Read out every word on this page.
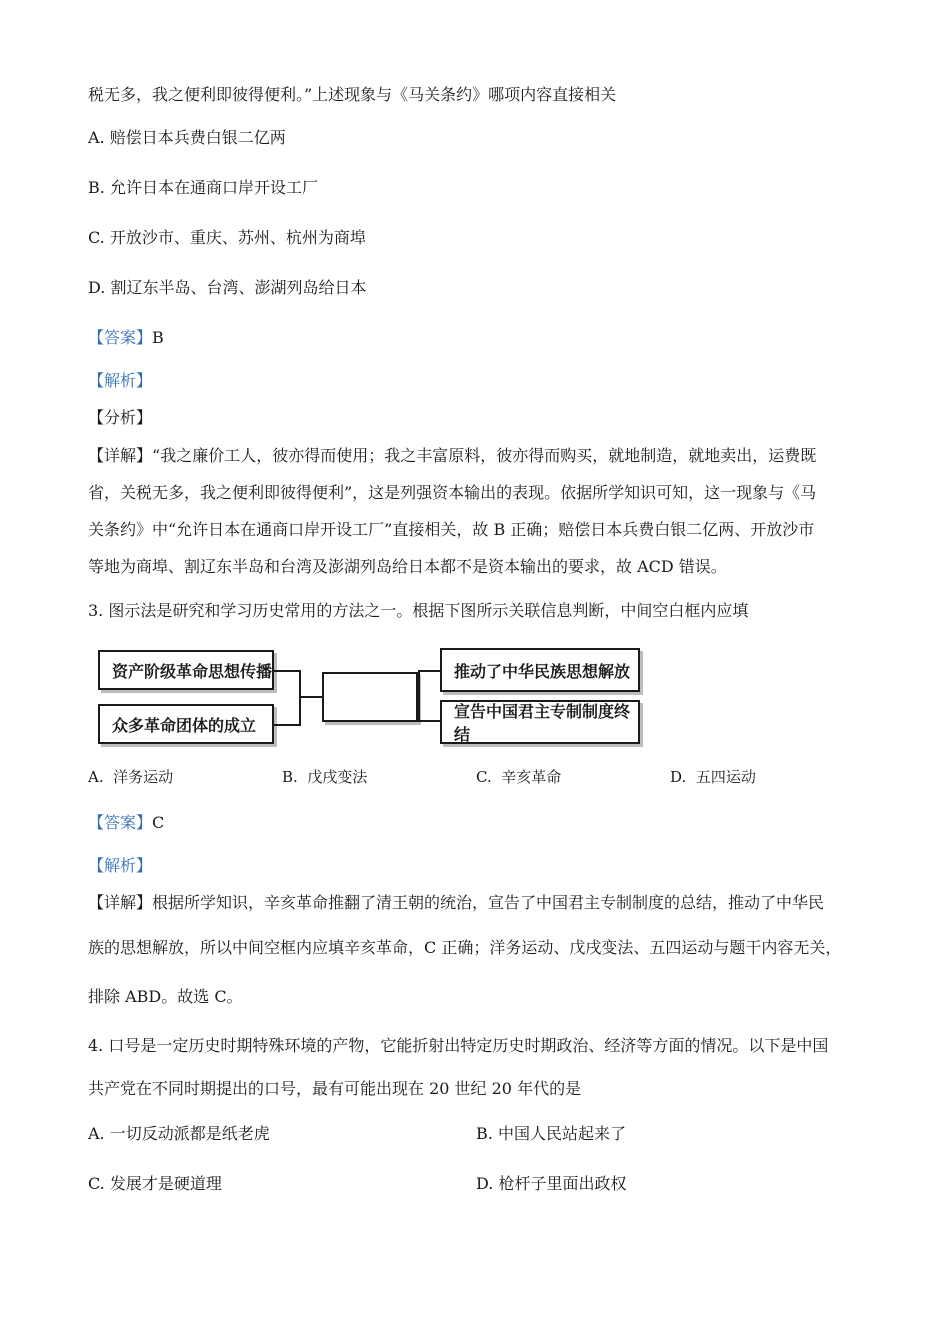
税无多，我之便利即彼得便利。”上述现象与《马关条约》哪项内容直接相关
A. 赔偿日本兵费白银二亿两
B. 允许日本在通商口岸开设工厂
C. 开放沙市、重庆、苏州、杭州为商埠
D. 割辽东半岛、台湾、澎湖列岛给日本
【答案】B
【解析】
【分析】
【详解】“我之廉价工人，彼亦得而使用；我之丰富原料，彼亦得而购买，就地制造，就地卖出，运费既
省，关税无多，我之便利即彼得便利”，这是列强资本输出的表现。依据所学知识可知，这一现象与《马
关条约》中“允许日本在通商口岸开设工厂”直接相关，故 B 正确；赔偿日本兵费白银二亿两、开放沙市
等地为商埠、割辽东半岛和台湾及澎湖列岛给日本都不是资本输出的要求，故 ACD 错误。
3. 图示法是研究和学习历史常用的方法之一。根据下图所示关联信息判断，中间空白框内应填
资产阶级革命思想传播
众多革命团体的成立
推动了中华民族思想解放
宣告中国君主专制制度终结
A. 洋务运动	B. 戊戌变法	C. 辛亥革命	D. 五四运动
【答案】C
【解析】
【详解】根据所学知识，辛亥革命推翻了清王朝的统治，宣告了中国君主专制制度的总结，推动了中华民
族的思想解放，所以中间空框内应填辛亥革命，C 正确；洋务运动、戊戌变法、五四运动与题干内容无关，
排除 ABD。故选 C。
4. 口号是一定历史时期特殊环境的产物，它能折射出特定历史时期政治、经济等方面的情况。以下是中国
共产党在不同时期提出的口号，最有可能出现在 20 世纪 20 年代的是
A. 一切反动派都是纸老虎	B. 中国人民站起来了
C. 发展才是硬道理	D. 枪杆子里面出政权
